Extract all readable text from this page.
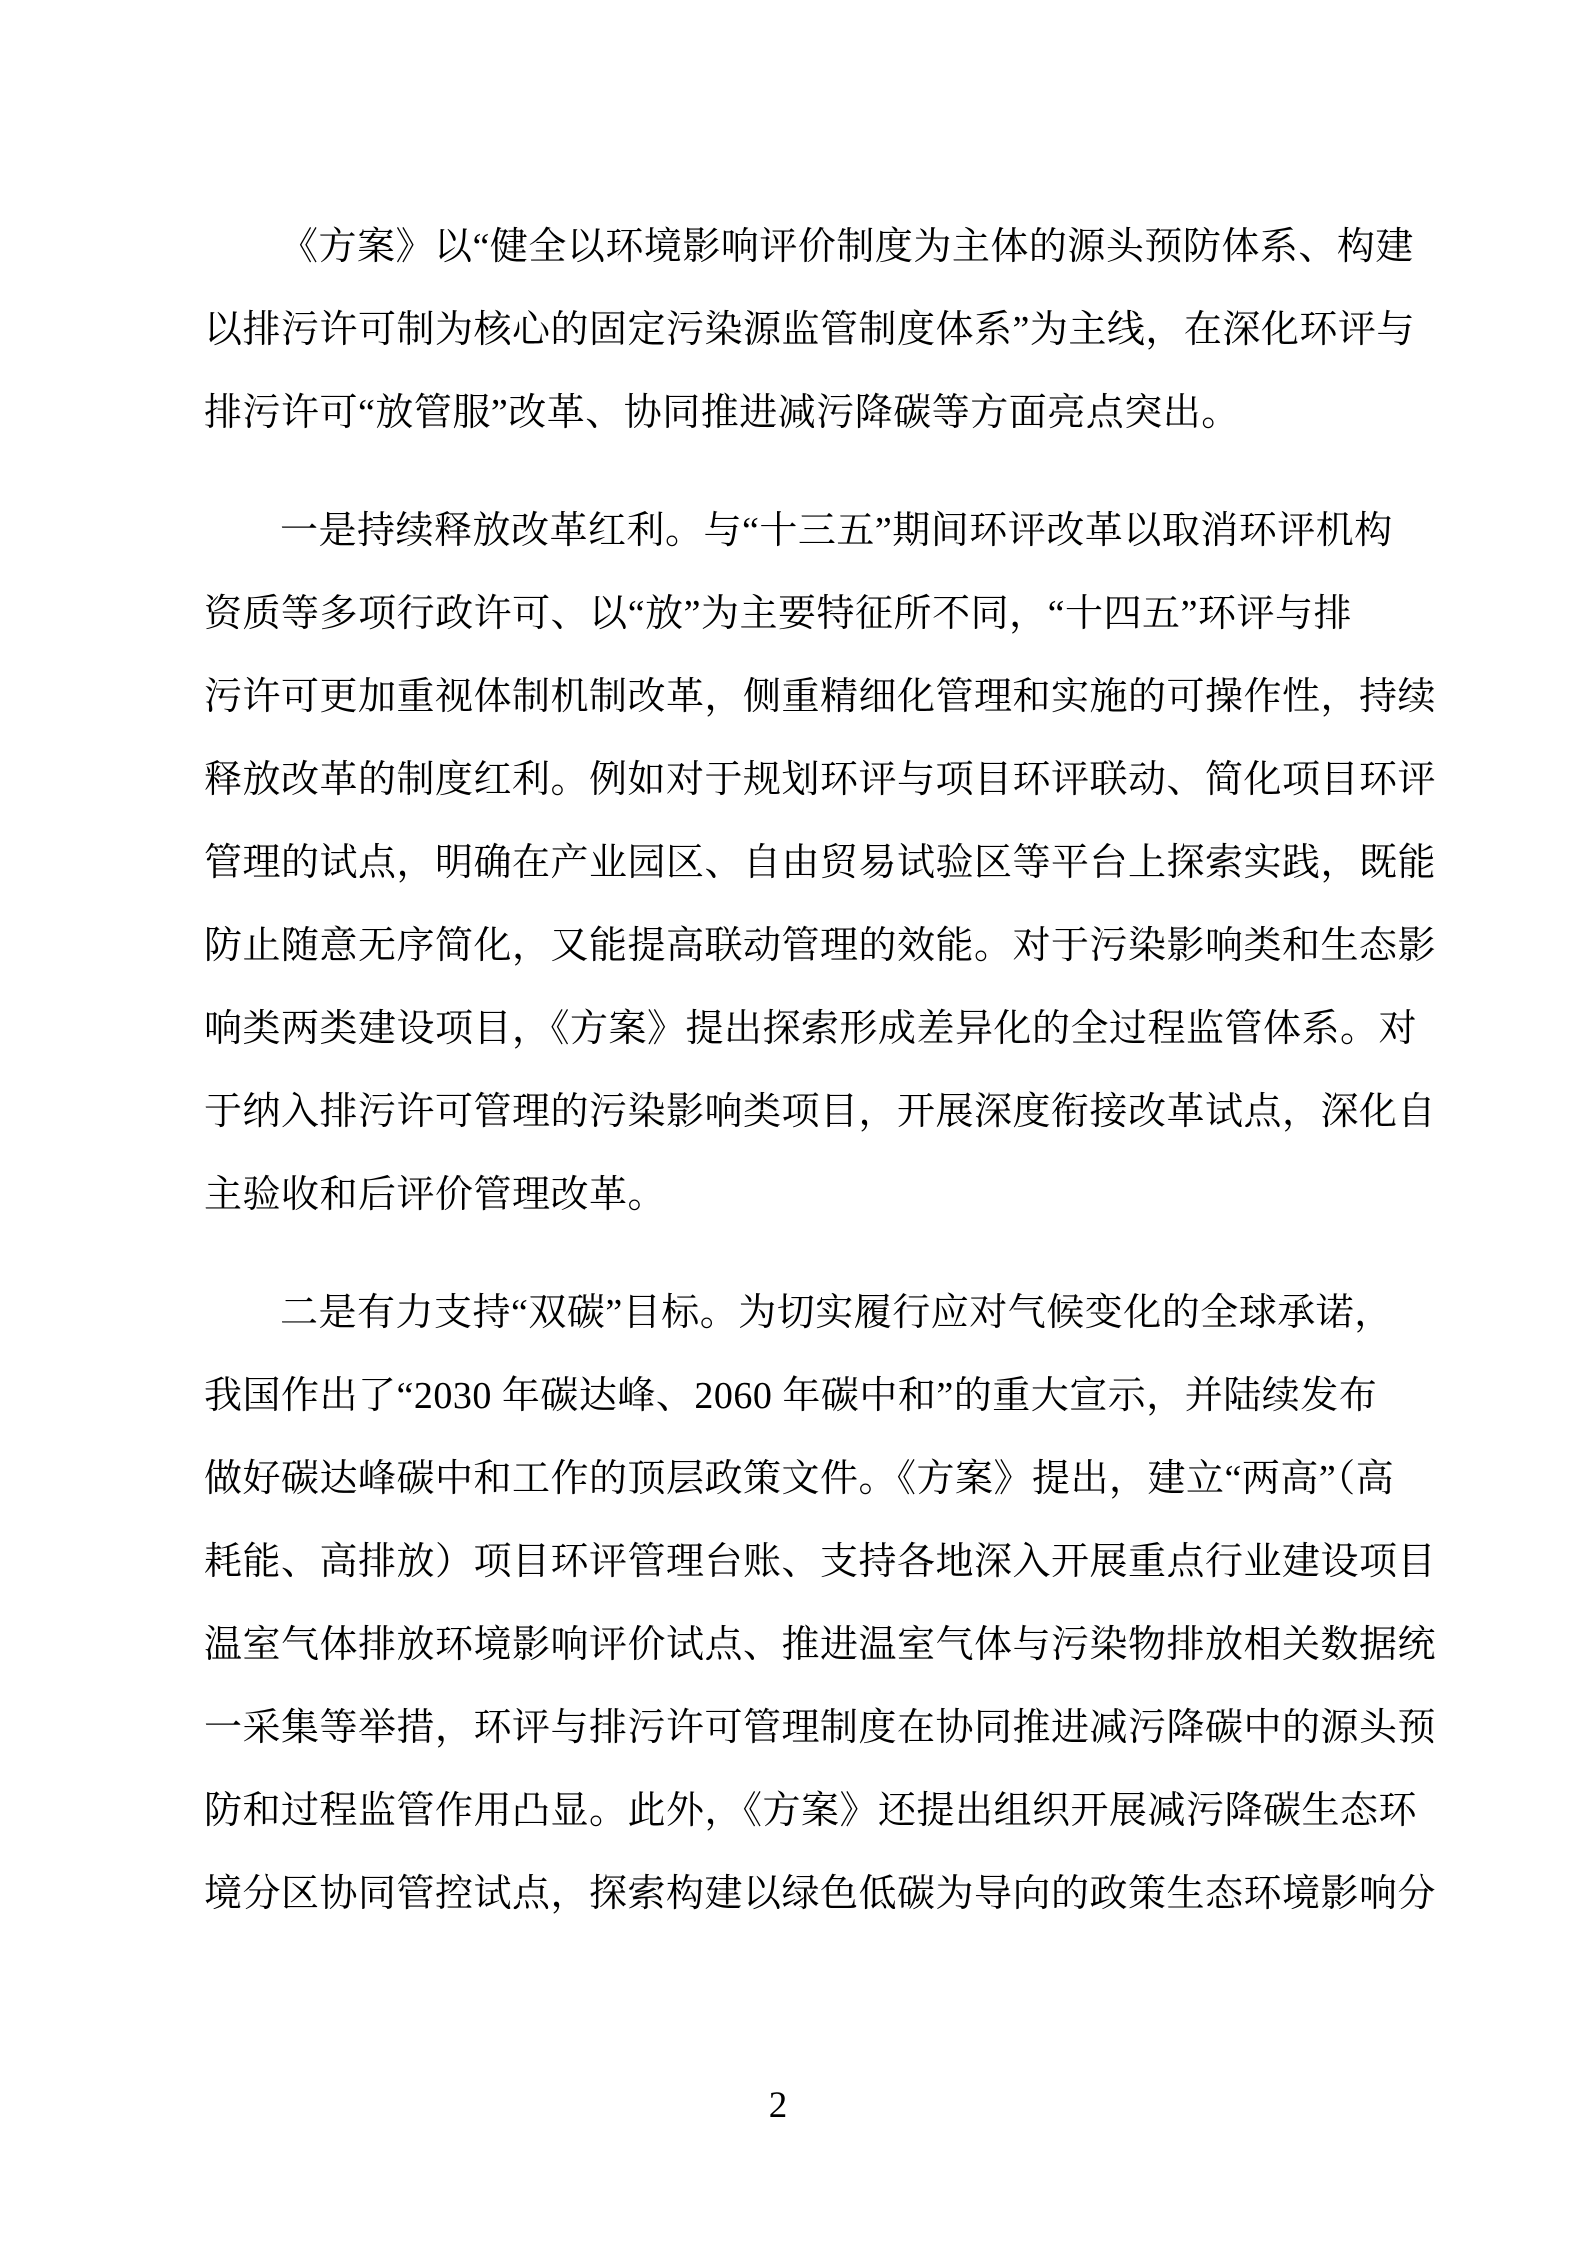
《方案》以“健全以环境影响评价制度为主体的源头预防体系、构建
以排污许可制为核心的固定污染源监管制度体系”为主线，在深化环评与
排污许可“放管服”改革、协同推进减污降碳等方面亮点突出。
一是持续释放改革红利。与“十三五”期间环评改革以取消环评机构
资质等多项行政许可、以“放”为主要特征所不同，“十四五”环评与排
污许可更加重视体制机制改革，侧重精细化管理和实施的可操作性，持续
释放改革的制度红利。例如对于规划环评与项目环评联动、简化项目环评
管理的试点，明确在产业园区、自由贸易试验区等平台上探索实践，既能
防止随意无序简化，又能提高联动管理的效能。对于污染影响类和生态影
响类两类建设项目，《方案》提出探索形成差异化的全过程监管体系。对
于纳入排污许可管理的污染影响类项目，开展深度衔接改革试点，深化自
主验收和后评价管理改革。
二是有力支持“双碳”目标。为切实履行应对气候变化的全球承诺，
我国作出了“2030 年碳达峰、2060 年碳中和”的重大宣示，并陆续发布
做好碳达峰碳中和工作的顶层政策文件。《方案》提出，建立“两高”（高
耗能、高排放）项目环评管理台账、支持各地深入开展重点行业建设项目
温室气体排放环境影响评价试点、推进温室气体与污染物排放相关数据统
一采集等举措，环评与排污许可管理制度在协同推进减污降碳中的源头预
防和过程监管作用凸显。此外，《方案》还提出组织开展减污降碳生态环
境分区协同管控试点，探索构建以绿色低碳为导向的政策生态环境影响分
2
